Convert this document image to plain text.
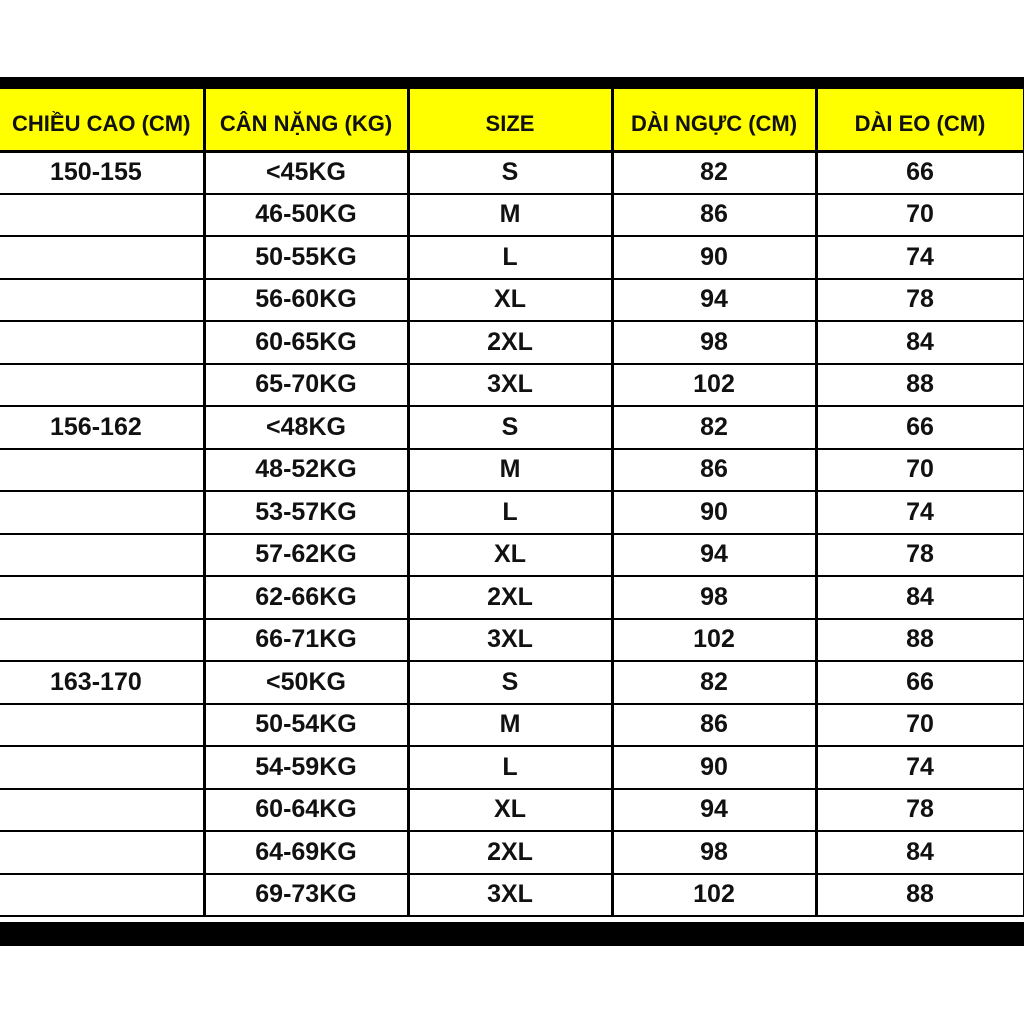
CHIỀU CAO (CM)	CÂN NẶNG (KG)	SIZE	DÀI NGỰC (CM)	DÀI EO (CM)
150-155	<45KG	S	82	66
	46-50KG	M	86	70
	50-55KG	L	90	74
	56-60KG	XL	94	78
	60-65KG	2XL	98	84
	65-70KG	3XL	102	88
156-162	<48KG	S	82	66
	48-52KG	M	86	70
	53-57KG	L	90	74
	57-62KG	XL	94	78
	62-66KG	2XL	98	84
	66-71KG	3XL	102	88
163-170	<50KG	S	82	66
	50-54KG	M	86	70
	54-59KG	L	90	74
	60-64KG	XL	94	78
	64-69KG	2XL	98	84
	69-73KG	3XL	102	88
